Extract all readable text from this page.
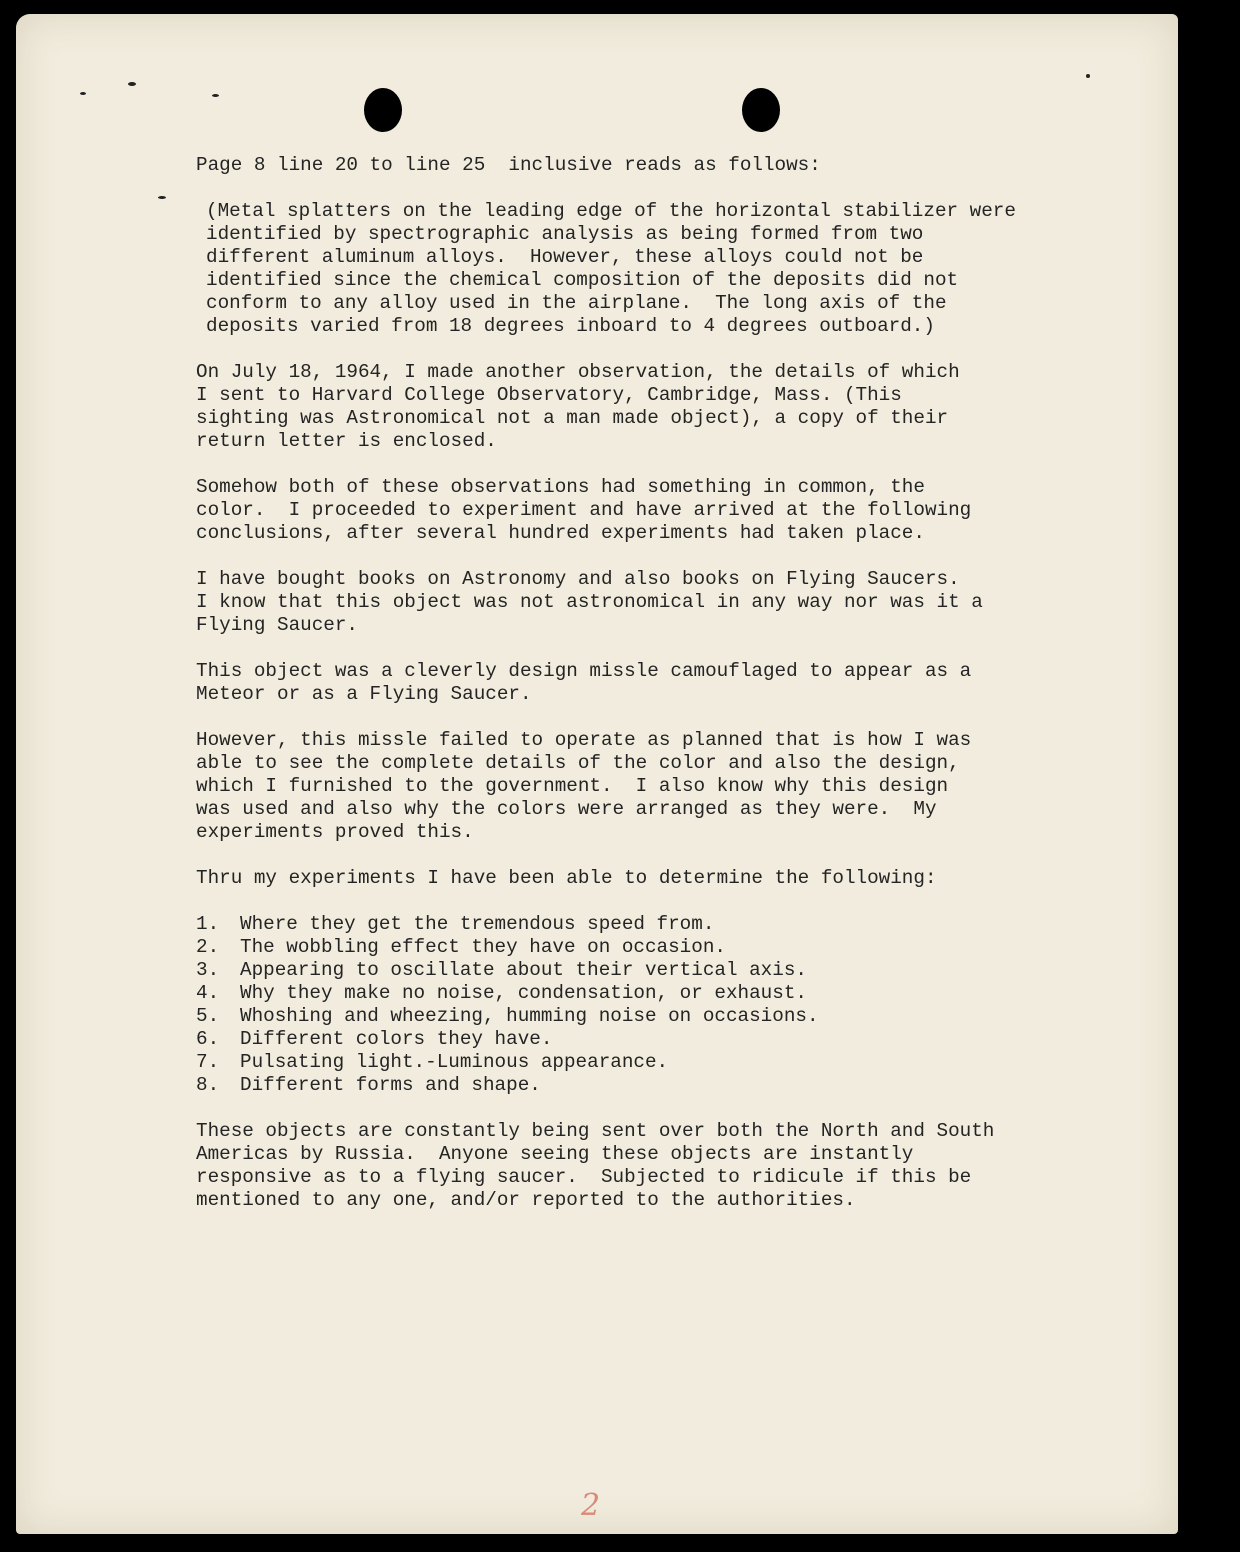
2
Page 8 line 20 to line 25  inclusive reads as follows:
(Metal splatters on the leading edge of the horizontal stabilizer were
identified by spectrographic analysis as being formed from two
different aluminum alloys.  However, these alloys could not be
identified since the chemical composition of the deposits did not
conform to any alloy used in the airplane.  The long axis of the
deposits varied from 18 degrees inboard to 4 degrees outboard.)
On July 18, 1964, I made another observation, the details of which
I sent to Harvard College Observatory, Cambridge, Mass. (This
sighting was Astronomical not a man made object), a copy of their
return letter is enclosed.
Somehow both of these observations had something in common, the
color.  I proceeded to experiment and have arrived at the following
conclusions, after several hundred experiments had taken place.
I have bought books on Astronomy and also books on Flying Saucers.
I know that this object was not astronomical in any way nor was it a
Flying Saucer.
This object was a cleverly design missle camouflaged to appear as a
Meteor or as a Flying Saucer.
However, this missle failed to operate as planned that is how I was
able to see the complete details of the color and also the design,
which I furnished to the government.  I also know why this design
was used and also why the colors were arranged as they were.  My
experiments proved this.
Thru my experiments I have been able to determine the following:
1.	Where they get the tremendous speed from.
2.	The wobbling effect they have on occasion.
3.	Appearing to oscillate about their vertical axis.
4.	Why they make no noise, condensation, or exhaust.
5.	Whoshing and wheezing, humming noise on occasions.
6.	Different colors they have.
7.	Pulsating light.-Luminous appearance.
8.	Different forms and shape.
These objects are constantly being sent over both the North and South
Americas by Russia.  Anyone seeing these objects are instantly
responsive as to a flying saucer.  Subjected to ridicule if this be
mentioned to any one, and/or reported to the authorities.
